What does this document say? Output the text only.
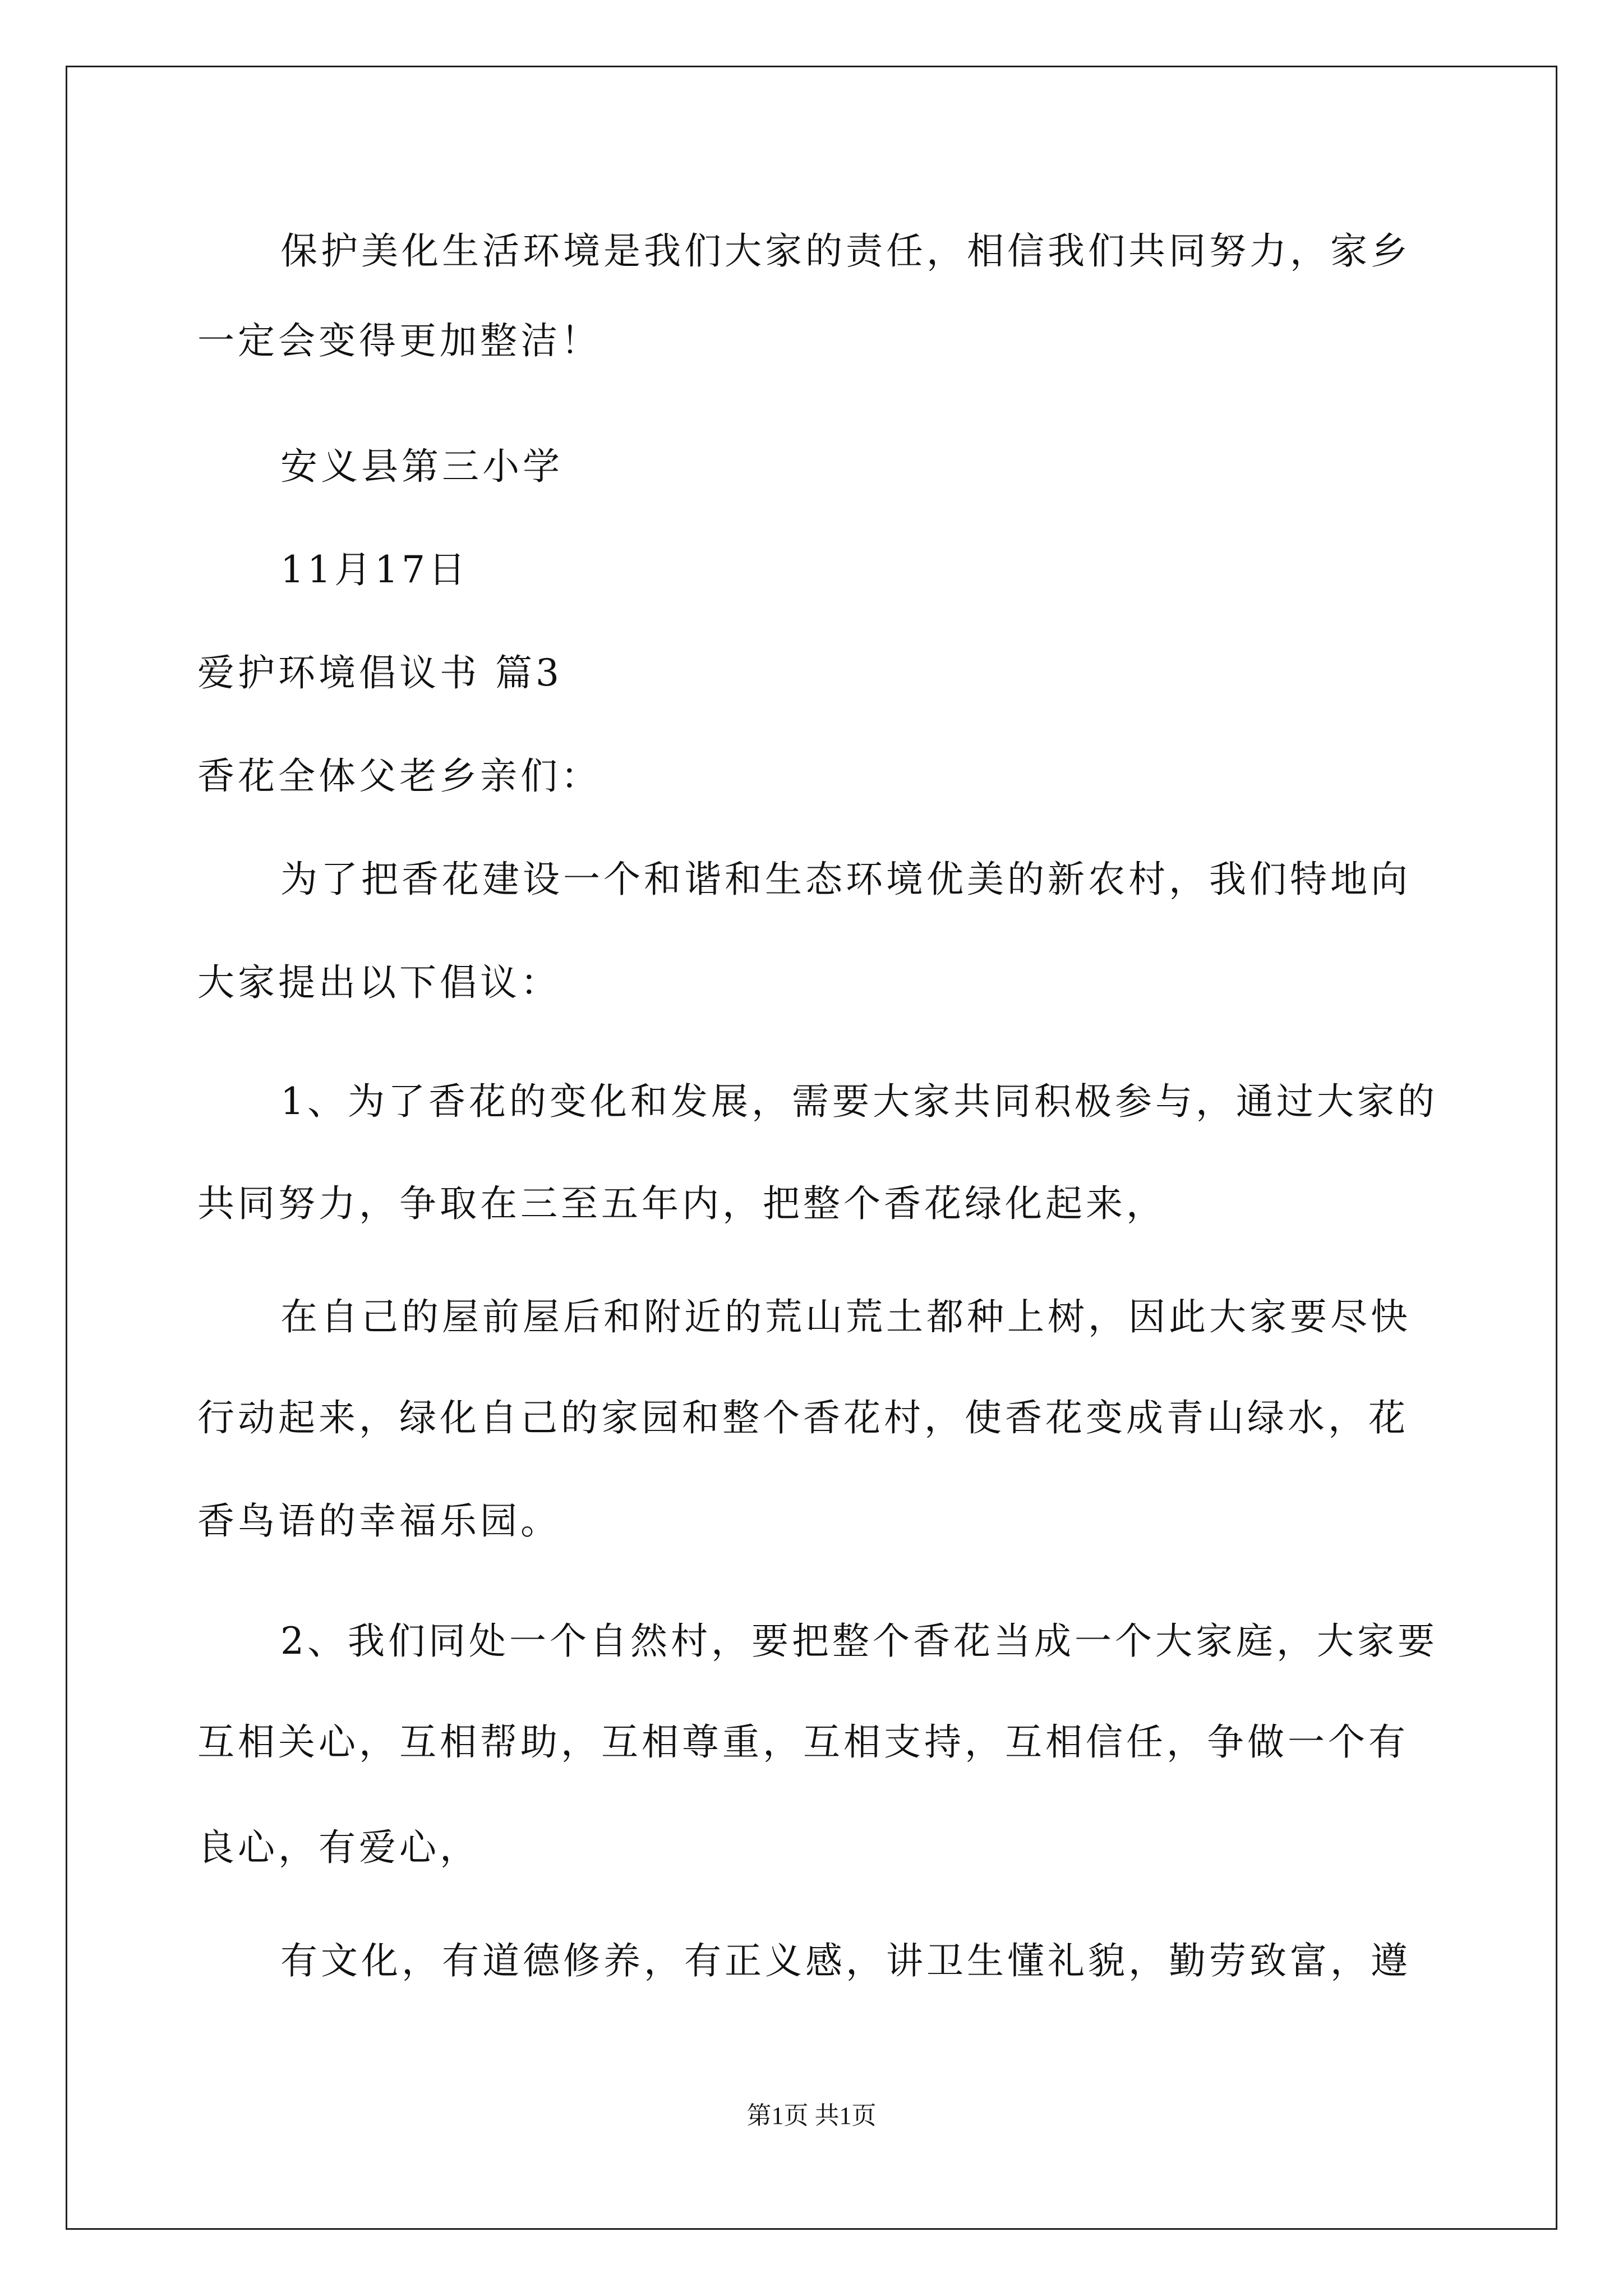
保护美化生活环境是我们大家的责任，相信我们共同努力，家乡
一定会变得更加整洁！
安义县第三小学
11月17日
爱护环境倡议书 篇3
香花全体父老乡亲们：
为了把香花建设一个和谐和生态环境优美的新农村，我们特地向
大家提出以下倡议：
1、为了香花的变化和发展，需要大家共同积极参与，通过大家的
共同努力，争取在三至五年内，把整个香花绿化起来，
在自己的屋前屋后和附近的荒山荒土都种上树，因此大家要尽快
行动起来，绿化自己的家园和整个香花村，使香花变成青山绿水，花
香鸟语的幸福乐园。
2、我们同处一个自然村，要把整个香花当成一个大家庭，大家要
互相关心，互相帮助，互相尊重，互相支持，互相信任，争做一个有
良心，有爱心，
有文化，有道德修养，有正义感，讲卫生懂礼貌，勤劳致富，遵
第1页 共1页
